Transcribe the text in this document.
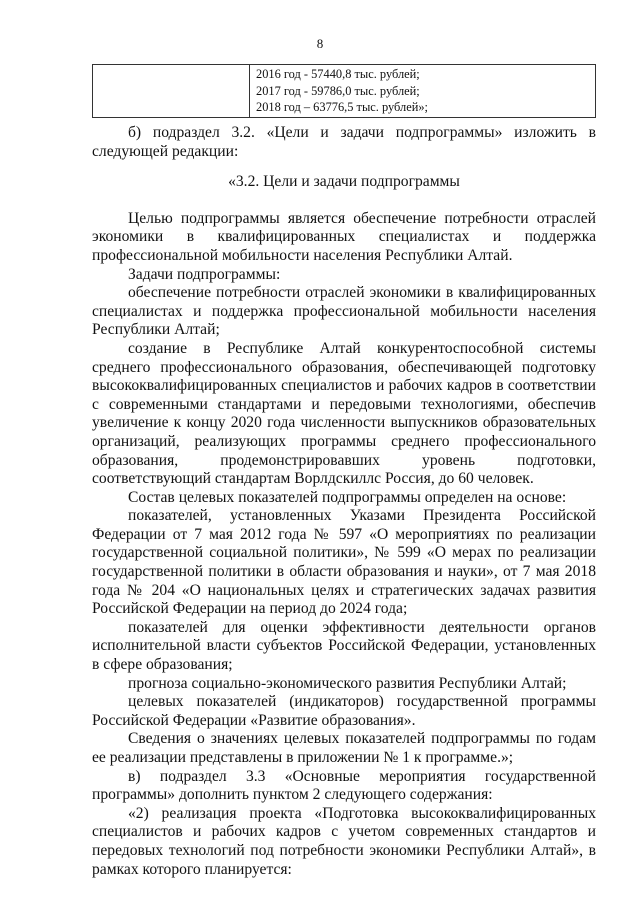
8

2016 год - 57440,8 тыс. рублей;
2017 год - 59786,0 тыс. рублей;
2018 год – 63776,5 тыс. рублей»;

б) подраздел 3.2. «Цели и задачи подпрограммы» изложить в следующей редакции:

«3.2. Цели и задачи подпрограммы

Целью подпрограммы является обеспечение потребности отраслей экономики в квалифицированных специалистах и поддержка профессиональной мобильности населения Республики Алтай.

Задачи подпрограммы:

обеспечение потребности отраслей экономики в квалифицированных специалистах и поддержка профессиональной мобильности населения Республики Алтай;

создание в Республике Алтай конкурентоспособной системы среднего профессионального образования, обеспечивающей подготовку высококвалифицированных специалистов и рабочих кадров в соответствии с современными стандартами и передовыми технологиями, обеспечив увеличение к концу 2020 года численности выпускников образовательных организаций, реализующих программы среднего профессионального образования, продемонстрировавших уровень подготовки, соответствующий стандартам Ворлдскиллс Россия, до 60 человек.

Состав целевых показателей подпрограммы определен на основе:

показателей, установленных Указами Президента Российской Федерации от 7 мая 2012 года № 597 «О мероприятиях по реализации государственной социальной политики», № 599 «О мерах по реализации государственной политики в области образования и науки», от 7 мая 2018 года № 204 «О национальных целях и стратегических задачах развития Российской Федерации на период до 2024 года;

показателей для оценки эффективности деятельности органов исполнительной власти субъектов Российской Федерации, установленных в сфере образования;

прогноза социально-экономического развития Республики Алтай;

целевых показателей (индикаторов) государственной программы Российской Федерации «Развитие образования».

Сведения о значениях целевых показателей подпрограммы по годам ее реализации представлены в приложении № 1 к программе.»;

в) подраздел 3.3 «Основные мероприятия государственной программы» дополнить пунктом 2 следующего содержания:

«2) реализация проекта «Подготовка высококвалифицированных специалистов и рабочих кадров с учетом современных стандартов и передовых технологий под потребности экономики Республики Алтай», в рамках которого планируется:
